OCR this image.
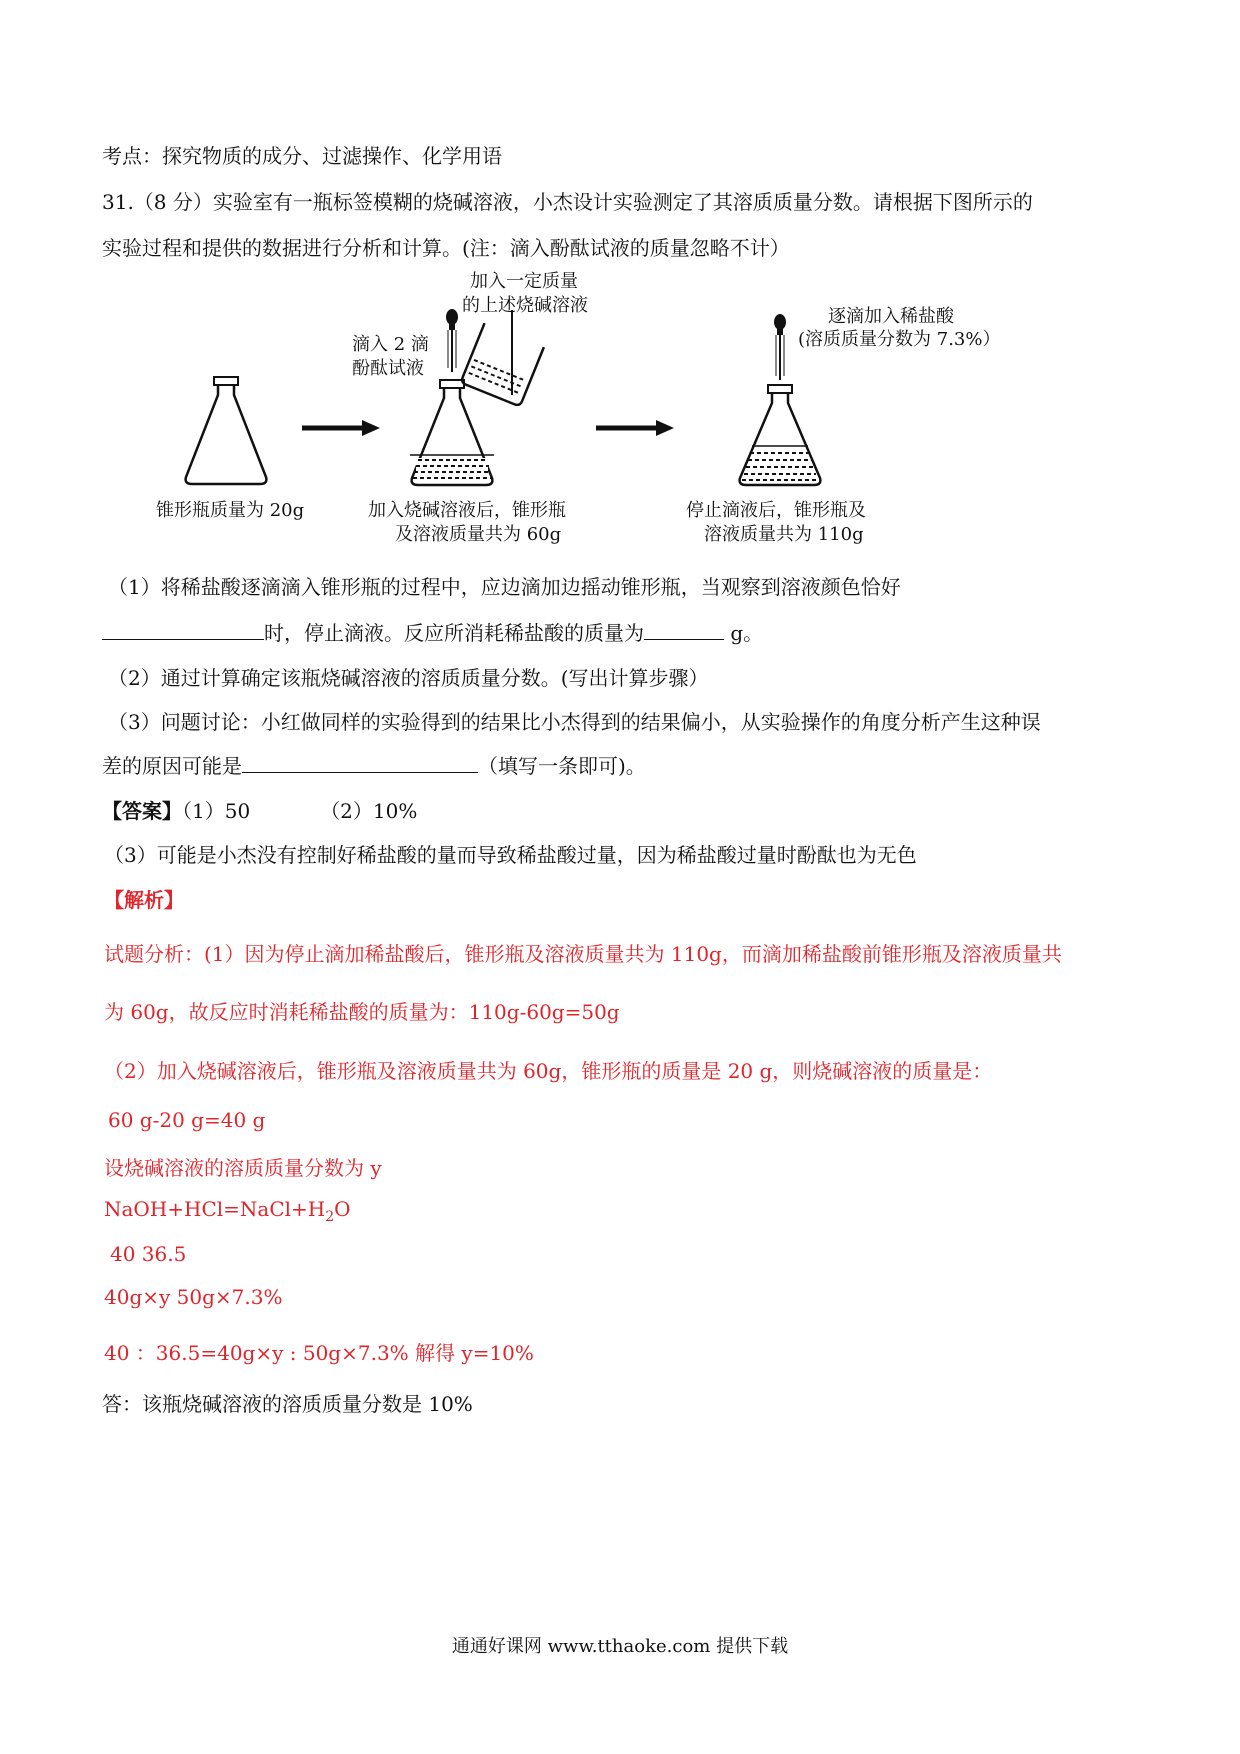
考点：探究物质的成分、过滤操作、化学用语
31.（8 分）实验室有一瓶标签模糊的烧碱溶液，小杰设计实验测定了其溶质质量分数。请根据下图所示的
实验过程和提供的数据进行分析和计算。(注：滴入酚酞试液的质量忽略不计）
加入一定质量
的上述烧碱溶液
滴入 2 滴
酚酞试液
逐滴加入稀盐酸
(溶质质量分数为 7.3%）
锥形瓶质量为 20g	加入烧碱溶液后，锥形瓶
及溶液质量共为 60g
停止滴液后，锥形瓶及
溶液质量共为 110g
（1）将稀盐酸逐滴滴入锥形瓶的过程中，应边滴加边摇动锥形瓶，当观察到溶液颜色恰好
时，停止滴液。反应所消耗稀盐酸的质量为	g。
（2）通过计算确定该瓶烧碱溶液的溶质质量分数。(写出计算步骤）
（3）问题讨论：小红做同样的实验得到的结果比小杰得到的结果偏小，从实验操作的角度分析产生这种误
差的原因可能是	（填写一条即可)。
【答案】（1）50	（2）10%
（3）可能是小杰没有控制好稀盐酸的量而导致稀盐酸过量，因为稀盐酸过量时酚酞也为无色
【解析】
试题分析：(1）因为停止滴加稀盐酸后，锥形瓶及溶液质量共为 110g，而滴加稀盐酸前锥形瓶及溶液质量共
为 60g，故反应时消耗稀盐酸的质量为：110g-60g=50g
（2）加入烧碱溶液后，锥形瓶及溶液质量共为 60g，锥形瓶的质量是 20 g，则烧碱溶液的质量是：
60 g-20 g=40 g
设烧碱溶液的溶质质量分数为 y
$NaOH+HCl=NaCl+H_2O$
40 36.5
40g×y 50g×7.3%
40 ：36.5=40g×y : 50g×7.3% 解得 y=10%
答：该瓶烧碱溶液的溶质质量分数是 10%
通通好课网 www.tthaoke.com 提供下载
